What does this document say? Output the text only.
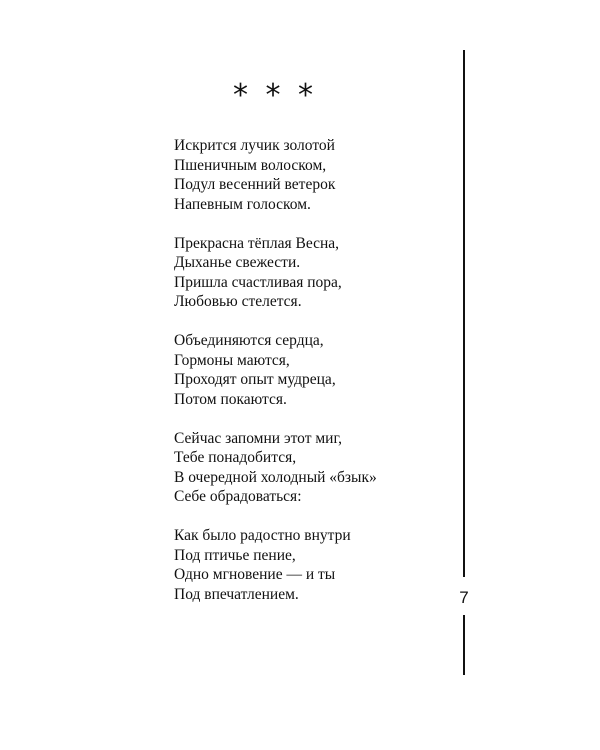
* * *
Искрится лучик золотой
Пшеничным волоском,
Подул весенний ветерок
Напевным голоском.
Прекрасна тёплая Весна,
Дыханье свежести.
Пришла счастливая пора,
Любовью стелется.
Объединяются сердца,
Гормоны маются,
Проходят опыт мудреца,
Потом покаются.
Сейчас запомни этот миг,
Тебе понадобится,
В очередной холодный «бзык»
Себе обрадоваться:
Как было радостно внутри
Под птичье пение,
Одно мгновение — и ты
Под впечатлением.	7
